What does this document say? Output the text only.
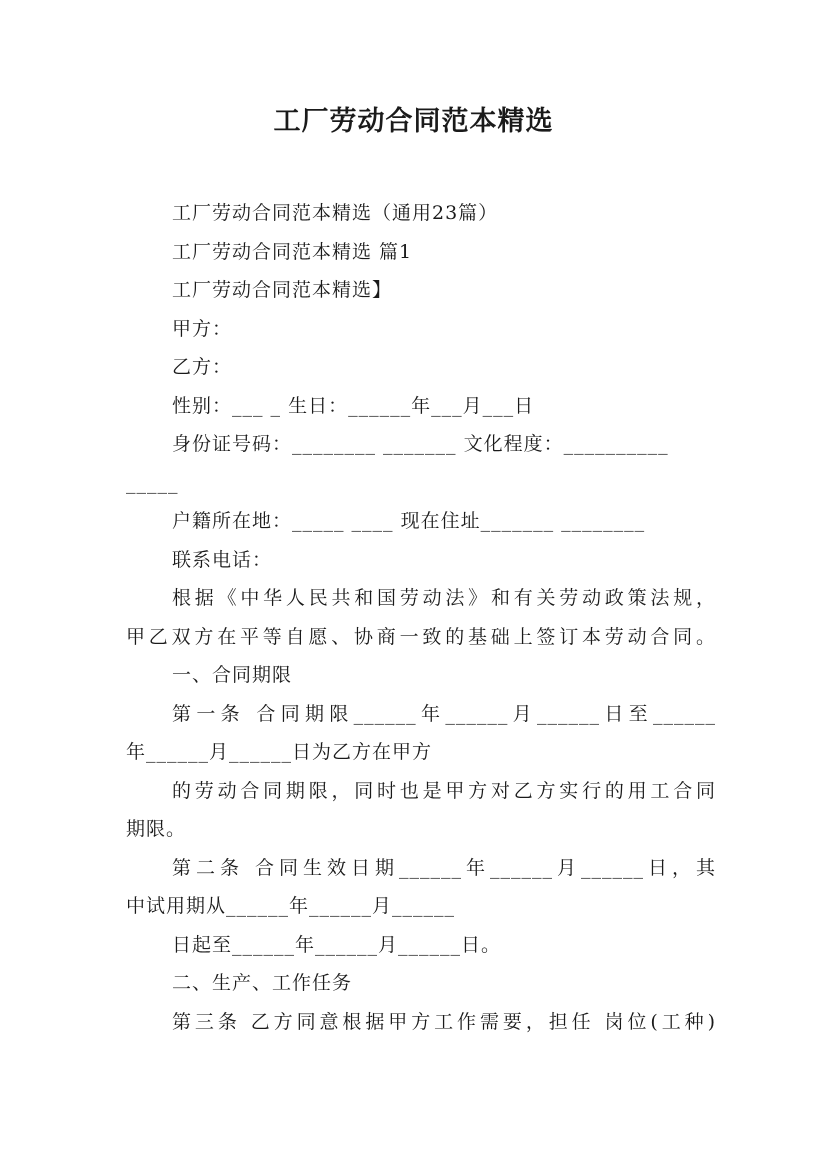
工厂劳动合同范本精选
工厂劳动合同范本精选（通用23篇）
工厂劳动合同范本精选 篇1
工厂劳动合同范本精选】
甲方：
乙方：
性别：___ _ 生日：______年___月___日
身份证号码：________ _______ 文化程度：__________
_____
户籍所在地：_____ ____ 现在住址_______ ________
联系电话：
根据《中华人民共和国劳动法》和有关劳动政策法规，
甲乙双方在平等自愿、协商一致的基础上签订本劳动合同。
一、合同期限
第一条 合同期限______年______月______日至______
年______月______日为乙方在甲方
的劳动合同期限，同时也是甲方对乙方实行的用工合同
期限。
第二条 合同生效日期______年______月______日，其
中试用期从______年______月______
日起至______年______月______日。
二、生产、工作任务
第三条 乙方同意根据甲方工作需要，担任 岗位(工种)
